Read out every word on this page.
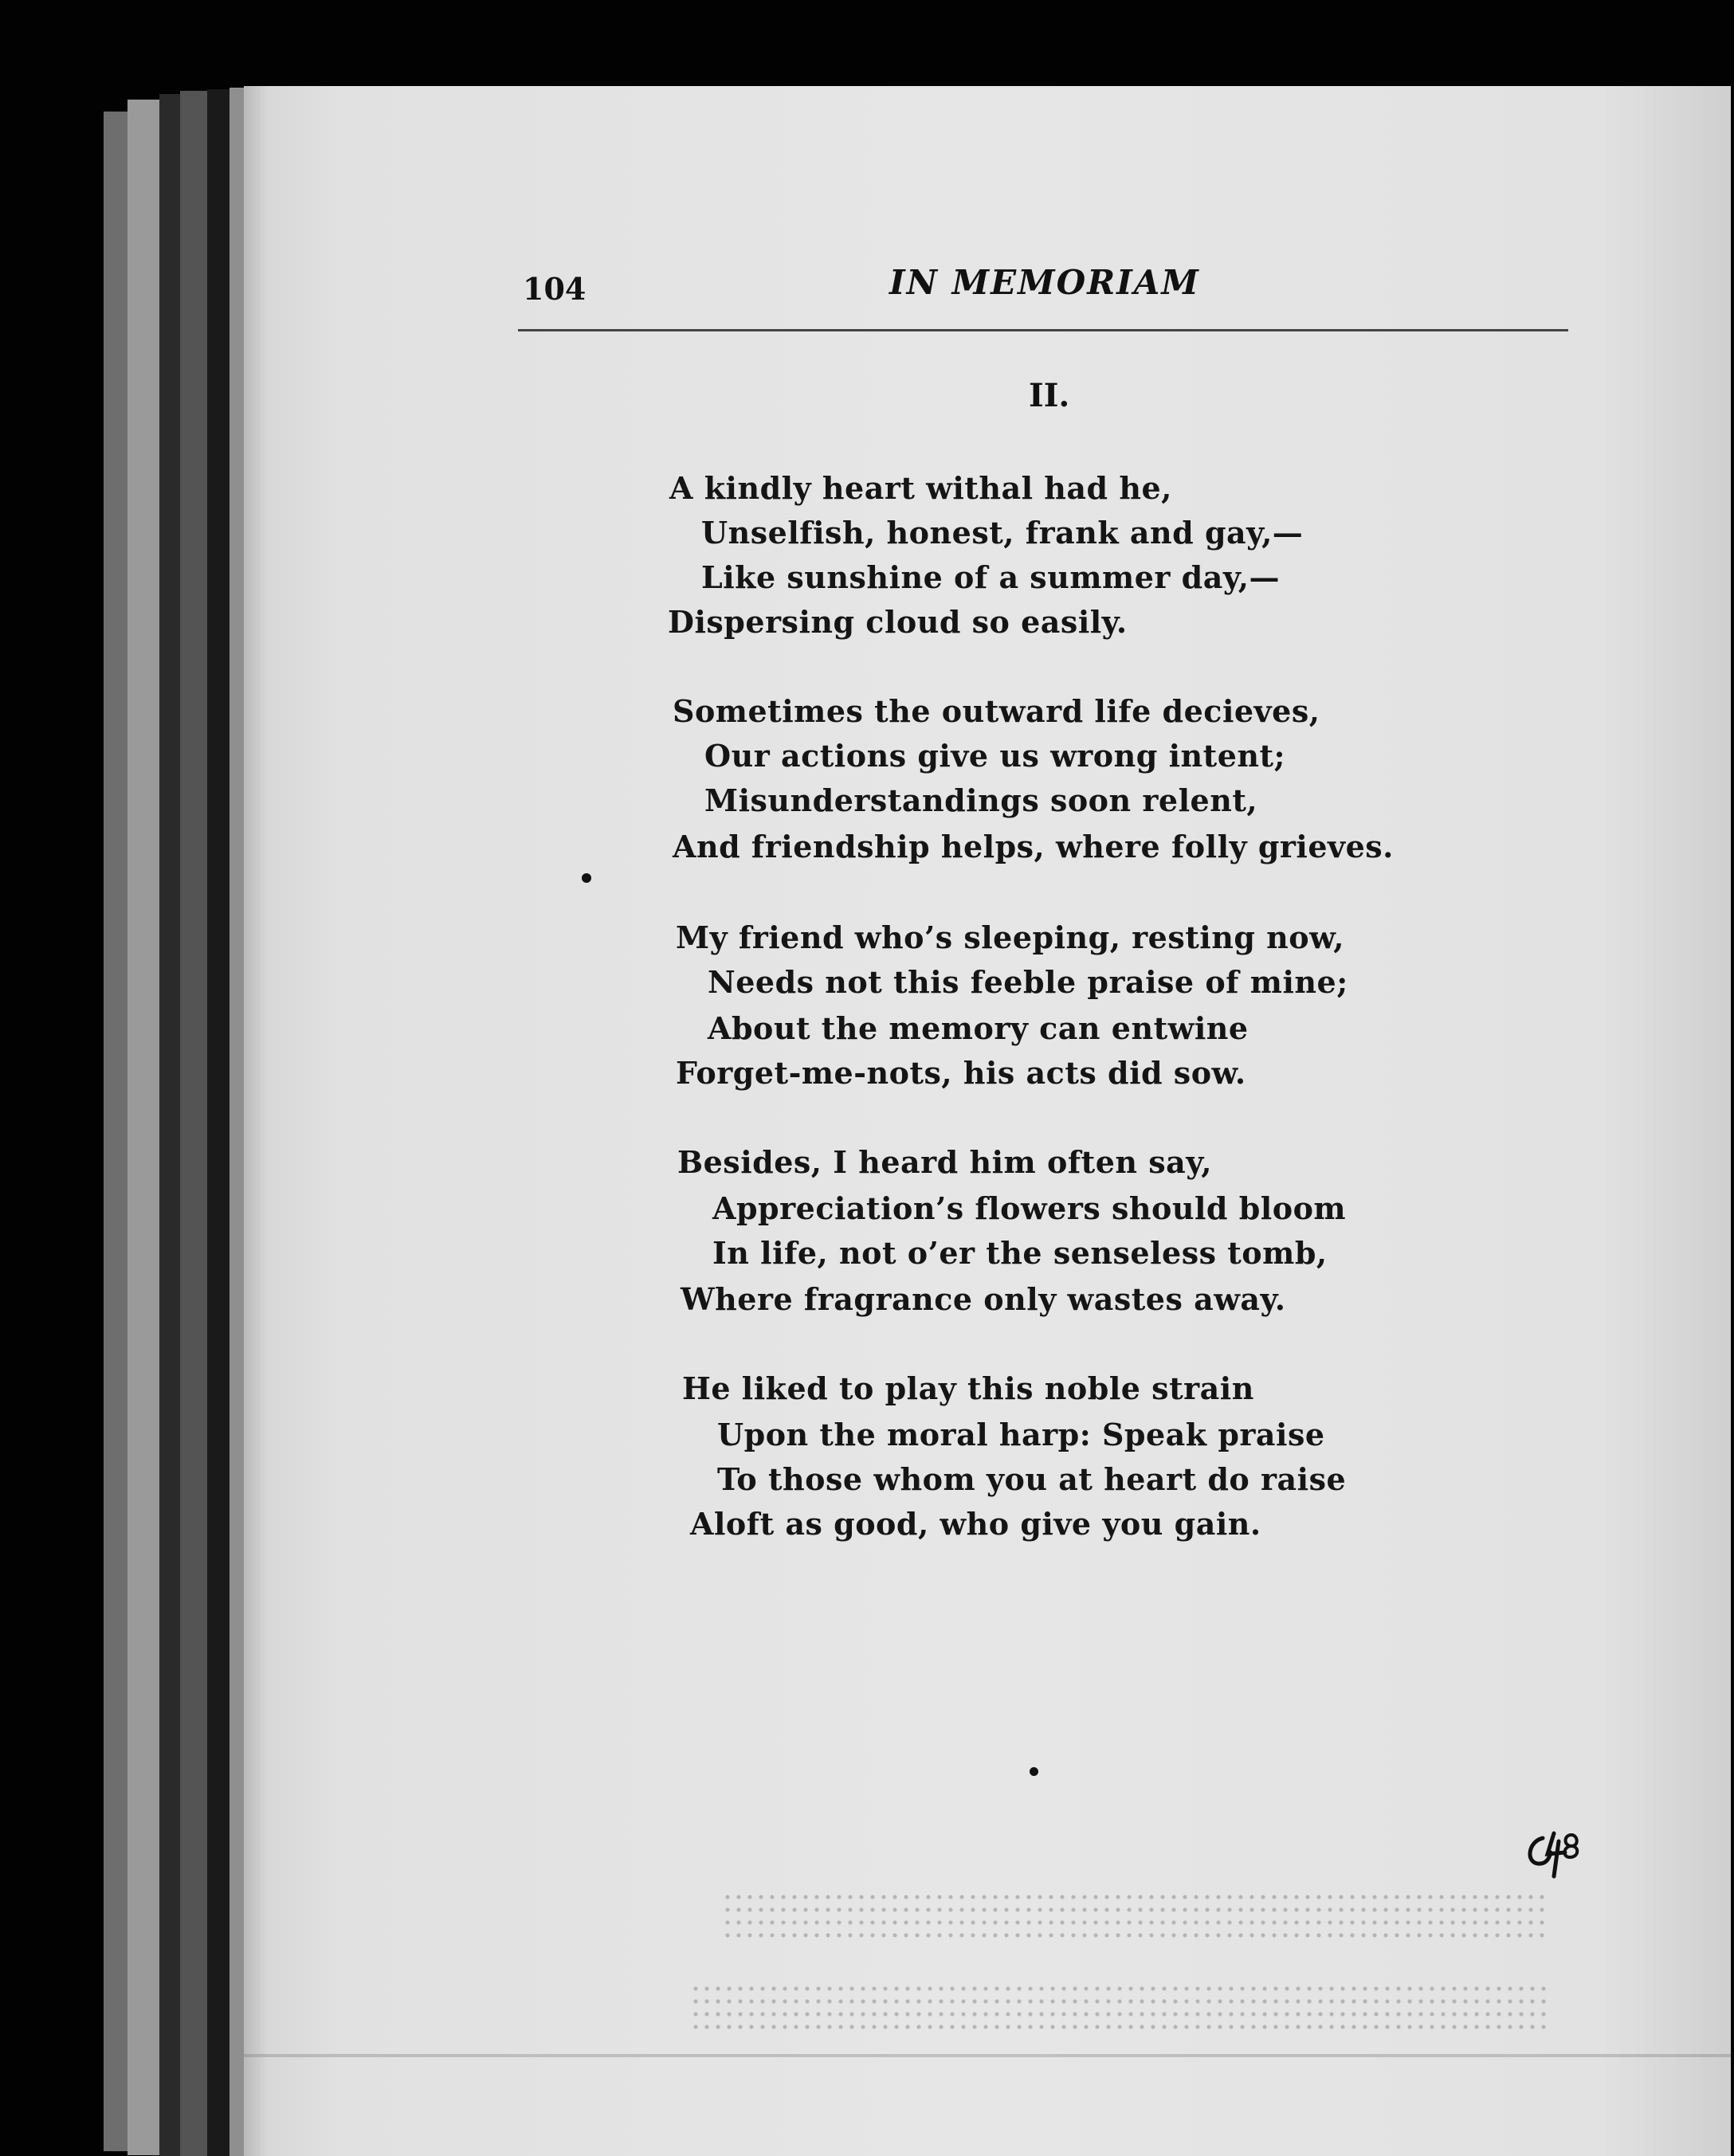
104	IN MEMORIAM
II.
A kindly heart withal had he,
Unselfish, honest, frank and gay,—
Like sunshine of a summer day,—
Dispersing cloud so easily.
Sometimes the outward life decieves,
Our actions give us wrong intent;
Misunderstandings soon relent,
And friendship helps, where folly grieves.
My friend who’s sleeping, resting now,
Needs not this feeble praise of mine;
About the memory can entwine
Forget-me-nots, his acts did sow.
Besides, I heard him often say,
Appreciation’s flowers should bloom
In life, not o’er the senseless tomb,
Where fragrance only wastes away.
He liked to play this noble strain
Upon the moral harp: Speak praise
To those whom you at heart do raise
Aloft as good, who give you gain.
